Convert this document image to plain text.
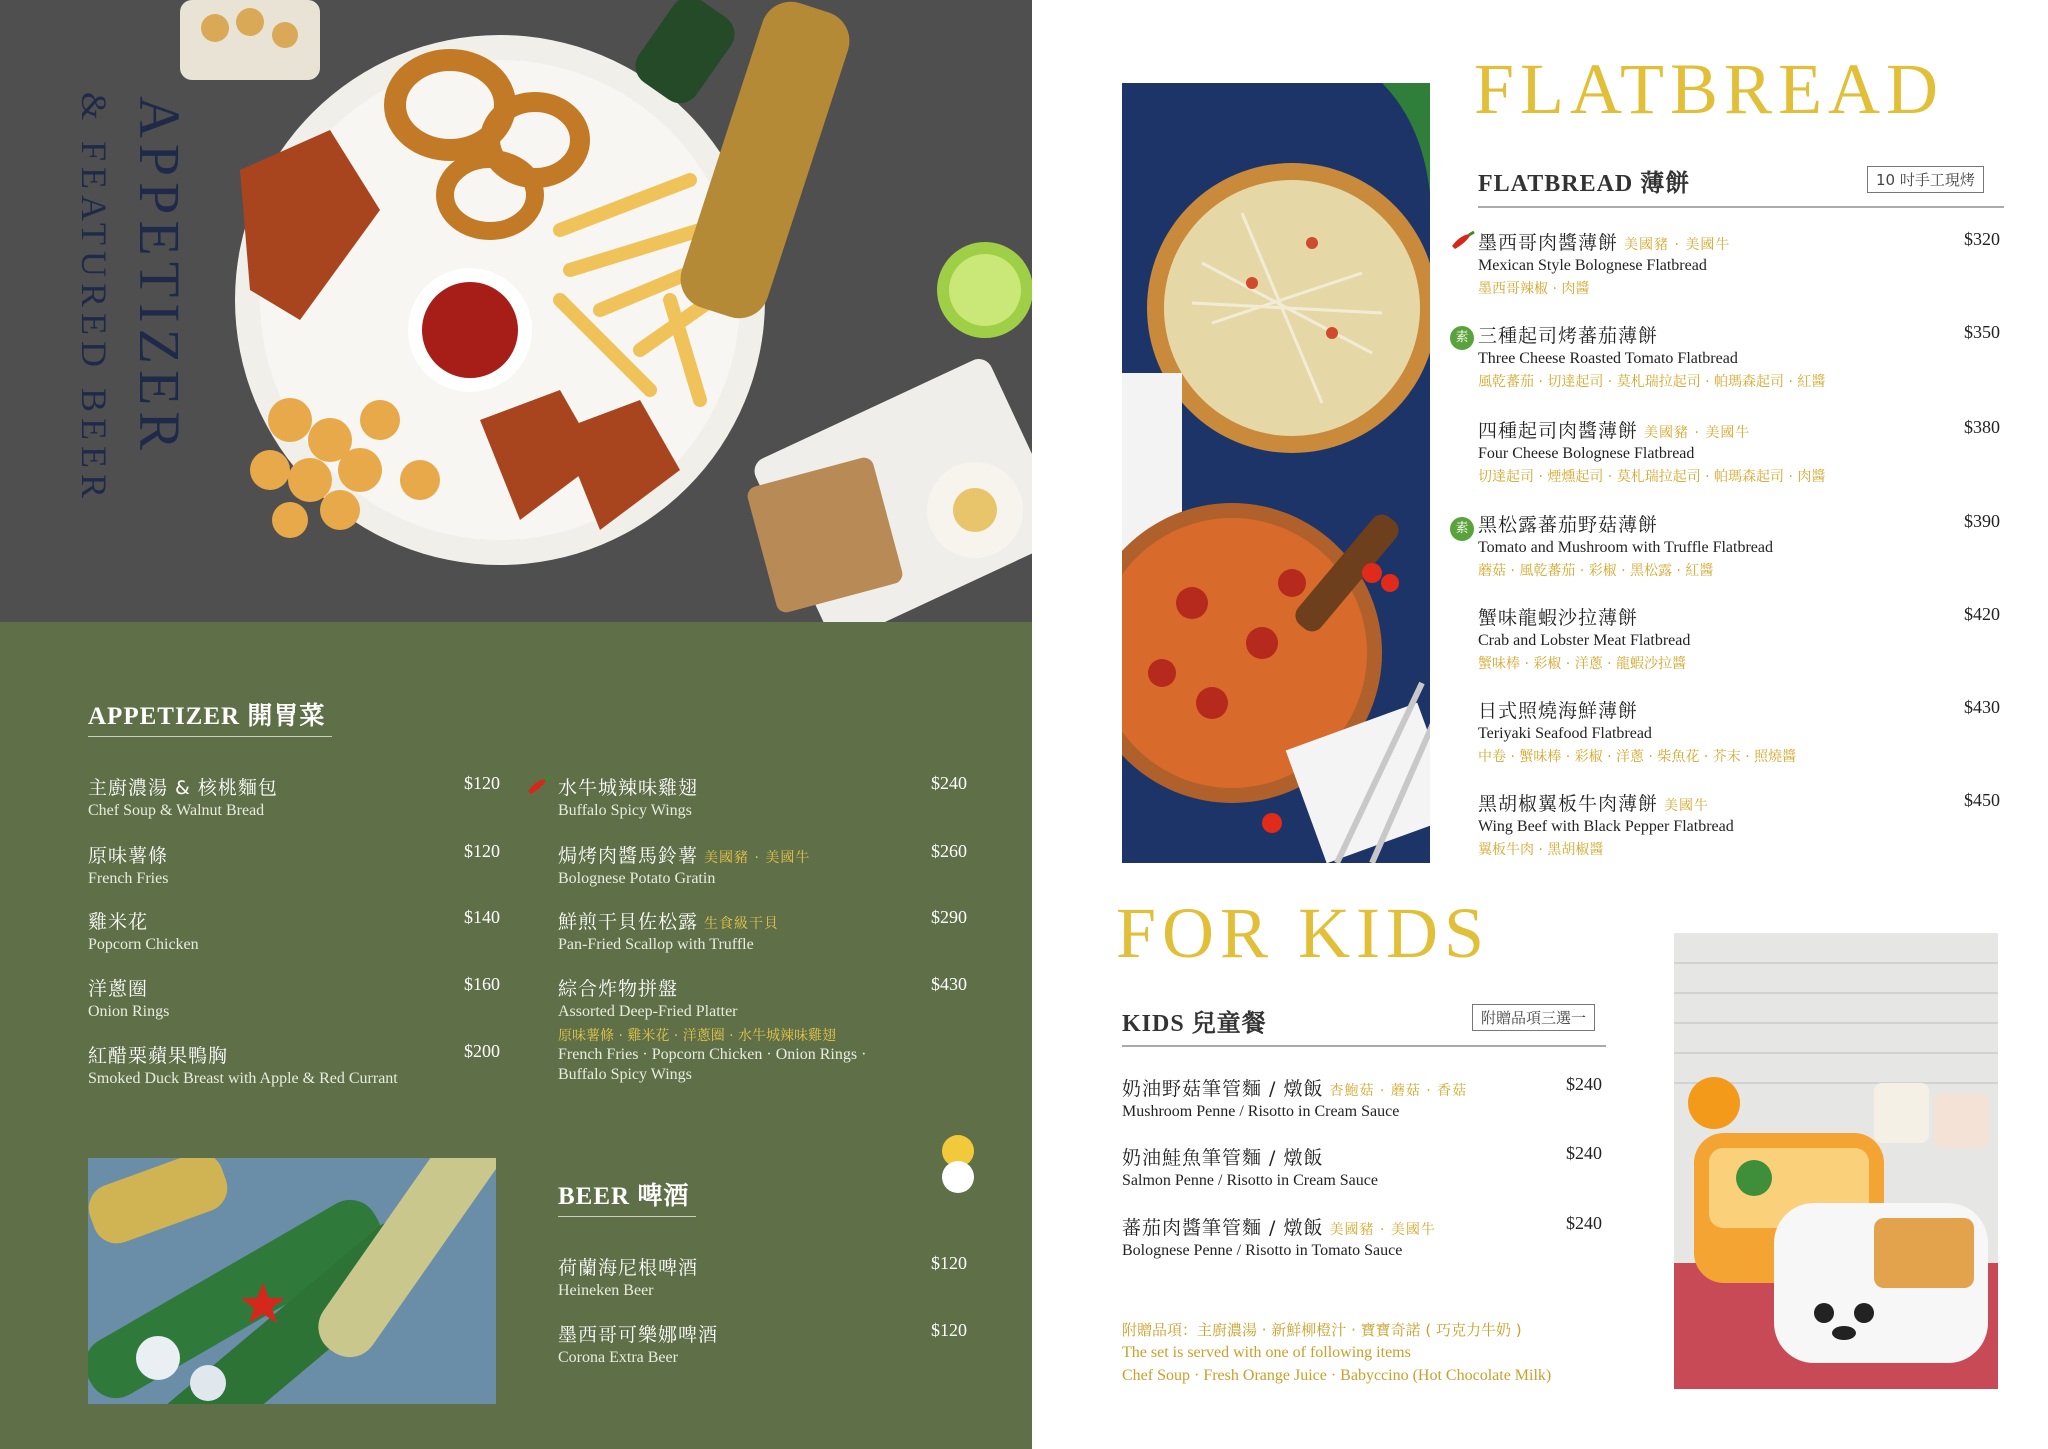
APPETIZER
& FEATURED BEER
APPETIZER 開胃菜
主廚濃湯 & 核桃麵包
Chef Soup & Walnut Bread
$120
原味薯條
French Fries
$120
雞米花
Popcorn Chicken
$140
洋蔥圈
Onion Rings
$160
紅醋栗蘋果鴨胸
Smoked Duck Breast with Apple & Red Currant
$200
水牛城辣味雞翅
Buffalo Spicy Wings
$240
焗烤肉醬馬鈴薯 美國豬 · 美國牛
Bolognese Potato Gratin
$260
鮮煎干貝佐松露 生食級干貝
Pan-Fried Scallop with Truffle
$290
綜合炸物拼盤
Assorted Deep-Fried Platter
原味薯條 · 雞米花 · 洋蔥圈 · 水牛城辣味雞翅
French Fries · Popcorn Chicken · Onion Rings ·
Buffalo Spicy Wings
$430
BEER 啤酒
荷蘭海尼根啤酒
Heineken Beer
$120
墨西哥可樂娜啤酒
Corona Extra Beer
$120
FLATBREAD
FLATBREAD 薄餅	10 吋手工現烤
墨西哥肉醬薄餅 美國豬 · 美國牛
Mexican Style Bolognese Flatbread
墨西哥辣椒 · 肉醬
$320
素 三種起司烤蕃茄薄餅
Three Cheese Roasted Tomato Flatbread
風乾蕃茄 · 切達起司 · 莫札瑞拉起司 · 帕瑪森起司 · 紅醬
$350
四種起司肉醬薄餅 美國豬 · 美國牛
Four Cheese Bolognese Flatbread
切達起司 · 煙燻起司 · 莫札瑞拉起司 · 帕瑪森起司 · 肉醬
$380
素 黑松露蕃茄野菇薄餅
Tomato and Mushroom with Truffle Flatbread
蘑菇 · 風乾蕃茄 · 彩椒 · 黑松露 · 紅醬
$390
蟹味龍蝦沙拉薄餅
Crab and Lobster Meat Flatbread
蟹味棒 · 彩椒 · 洋蔥 · 龍蝦沙拉醬
$420
日式照燒海鮮薄餅
Teriyaki Seafood Flatbread
中卷 · 蟹味棒 · 彩椒 · 洋蔥 · 柴魚花 · 芥末 · 照燒醬
$430
黑胡椒翼板牛肉薄餅 美國牛
Wing Beef with Black Pepper Flatbread
翼板牛肉 · 黑胡椒醬
$450
FOR KIDS
KIDS 兒童餐	附贈品項三選一
奶油野菇筆管麵 / 燉飯 杏鮑菇 · 蘑菇 · 香菇
Mushroom Penne / Risotto in Cream Sauce
$240
奶油鮭魚筆管麵 / 燉飯
Salmon Penne / Risotto in Cream Sauce
$240
蕃茄肉醬筆管麵 / 燉飯 美國豬 · 美國牛
Bolognese Penne / Risotto in Tomato Sauce
$240
附贈品項：主廚濃湯 · 新鮮柳橙汁 · 寶寶奇諾 ( 巧克力牛奶 )
The set is served with one of following items
Chef Soup · Fresh Orange Juice · Babyccino (Hot Chocolate Milk)
